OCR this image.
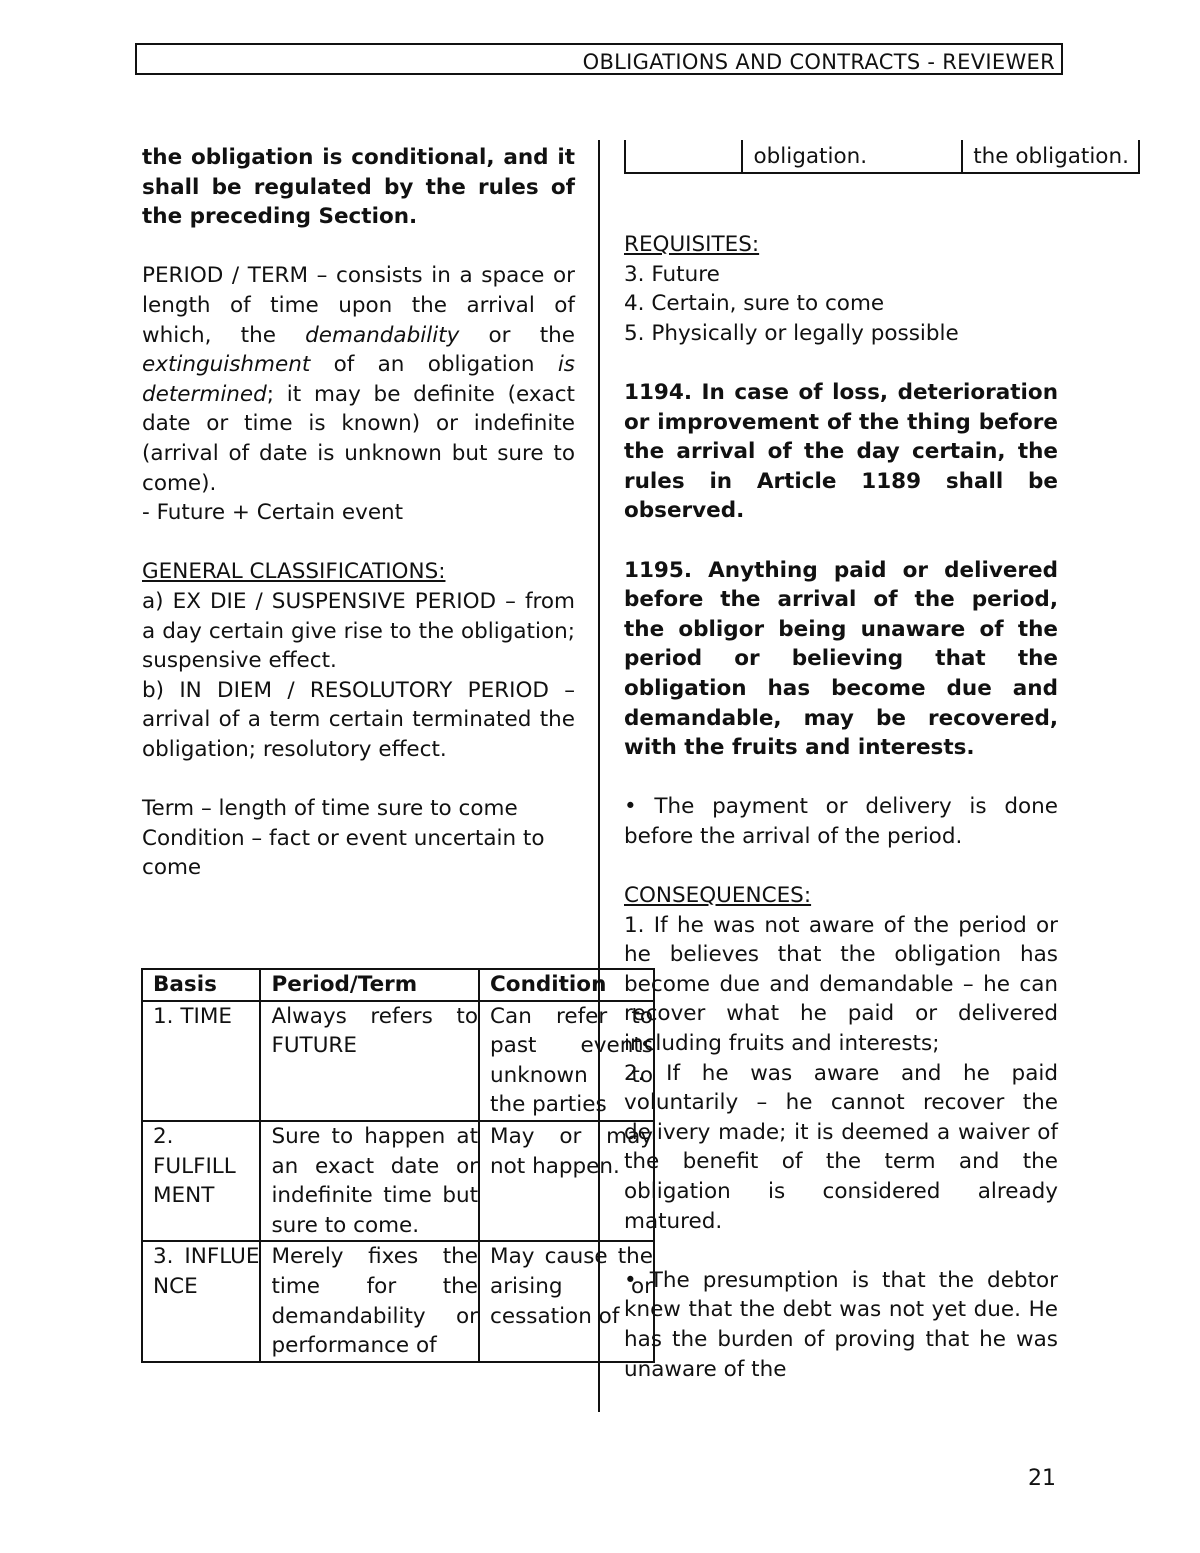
OBLIGATIONS AND CONTRACTS - REVIEWER

the obligation is conditional, and it shall be regulated by the rules of the preceding Section.

PERIOD / TERM – consists in a space or length of time upon the arrival of which, the demandability or the extinguishment of an obligation is determined; it may be definite (exact date or time is known) or indefinite (arrival of date is unknown but sure to come).

- Future + Certain event

GENERAL CLASSIFICATIONS:

a) EX DIE / SUSPENSIVE PERIOD – from a day certain give rise to the obligation; suspensive effect.

b) IN DIEM / RESOLUTORY PERIOD – arrival of a term certain terminated the obligation; resolutory effect.

Term – length of time sure to come

Condition – fact or event uncertain to come

Basis	Period/Term	Condition
1. TIME	Always refers to FUTURE	Can refer to past events unknown to the parties
2. FULFILL MENT	Sure to happen at an exact date or indefinite time but sure to come.	May or may not happen.
3. INFLUE NCE	Merely fixes the time for the demandability or performance of	May cause the arising or cessation of
	obligation.	the obligation.

REQUISITES:

3. Future

4. Certain, sure to come

5. Physically or legally possible

1194. In case of loss, deterioration or improvement of the thing before the arrival of the day certain, the rules in Article 1189 shall be observed.

1195. Anything paid or delivered before the arrival of the period, the obligor being unaware of the period or believing that the obligation has become due and demandable, may be recovered, with the fruits and interests.

• The payment or delivery is done before the arrival of the period.

CONSEQUENCES:

1. If he was not aware of the period or he believes that the obligation has become due and demandable – he can recover what he paid or delivered including fruits and interests;

2. If he was aware and he paid voluntarily – he cannot recover the delivery made; it is deemed a waiver of the benefit of the term and the obligation is considered already matured.

• The presumption is that the debtor knew that the debt was not yet due. He has the burden of proving that he was unaware of the

21
